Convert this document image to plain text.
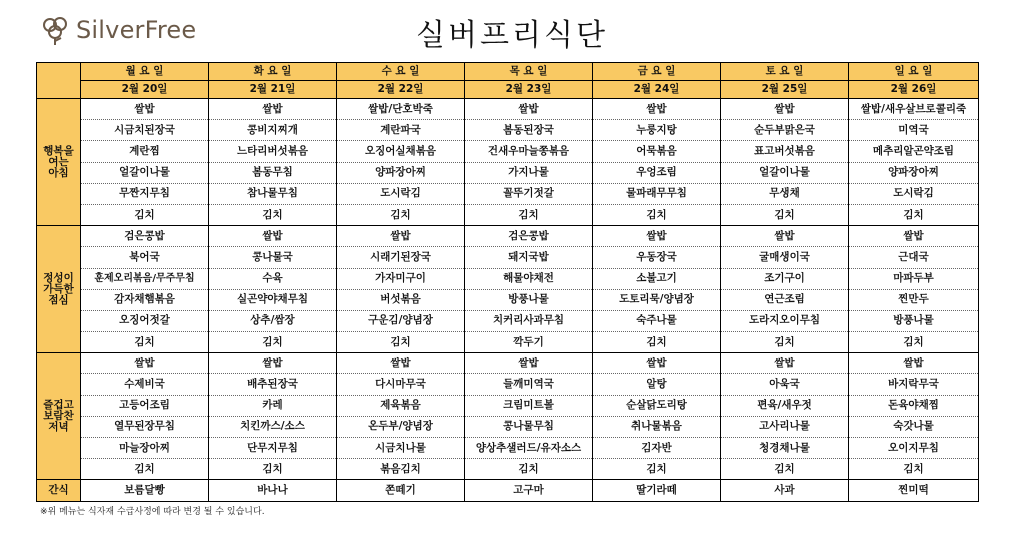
SilverFree	실버프리식단
	월 요 일	화 요 일	수 요 일	목 요 일	금 요 일	토 요 일	일 요 일
	2월 20일	2월 21일	2월 22일	2월 23일	2월 24일	2월 25일	2월 26일

행복을
여는
아침	쌀밥	쌀밥	쌀밥/단호박죽	쌀밥	쌀밥	쌀밥	쌀밥/새우살브로콜리죽
	시금치된장국	콩비지찌개	계란파국	봄동된장국	누룽지탕	순두부맑은국	미역국
	계란찜	느타리버섯볶음	오징어실채볶음	건새우마늘쫑볶음	어묵볶음	표고버섯볶음	메추리알곤약조림
	얼갈이나물	봄동무침	양파장아찌	가지나물	우엉조림	얼갈이나물	양파장아찌
	무짠지무침	참나물무침	도시락김	꼴뚜기젓갈	물파래무무침	무생채	도시락김
	김치	김치	김치	김치	김치	김치	김치

정성이
가득한
점심	검은콩밥	쌀밥	쌀밥	검은콩밥	쌀밥	쌀밥	쌀밥
	북어국	콩나물국	시래기된장국	돼지국밥	우동장국	굴매생이국	근대국
	훈제오리볶음/무주무침	수육	가자미구이	해물야채전	소불고기	조기구이	마파두부
	감자채햄볶음	실곤약야채무침	버섯볶음	방풍나물	도토리묵/양념장	연근조림	찐만두
	오징어젓갈	상추/쌈장	구운김/양념장	치커리사과무침	숙주나물	도라지오이무침	방풍나물
	김치	김치	김치	깍두기	김치	김치	김치

즐겁고
보람찬
저녁	쌀밥	쌀밥	쌀밥	쌀밥	쌀밥	쌀밥	쌀밥
	수제비국	배추된장국	다시마무국	들깨미역국	알탕	아욱국	바지락무국
	고등어조림	카레	제육볶음	크림미트볼	순살닭도리탕	편육/새우젓	돈육야채찜
	열무된장무침	치킨까스/소스	온두부/양념장	콩나물무침	취나물볶음	고사리나물	숙갓나물
	마늘장아찌	단무지무침	시금치나물	양상추샐러드/유자소스	김자반	청경채나물	오이지무침
	김치	김치	볶음김치	김치	김치	김치	김치
간식	보름달빵	바나나	쫀떼기	고구마	딸기라떼	사과	찐미떡
※위 메뉴는 식자재 수급사정에 따라 변경 될 수 있습니다.
